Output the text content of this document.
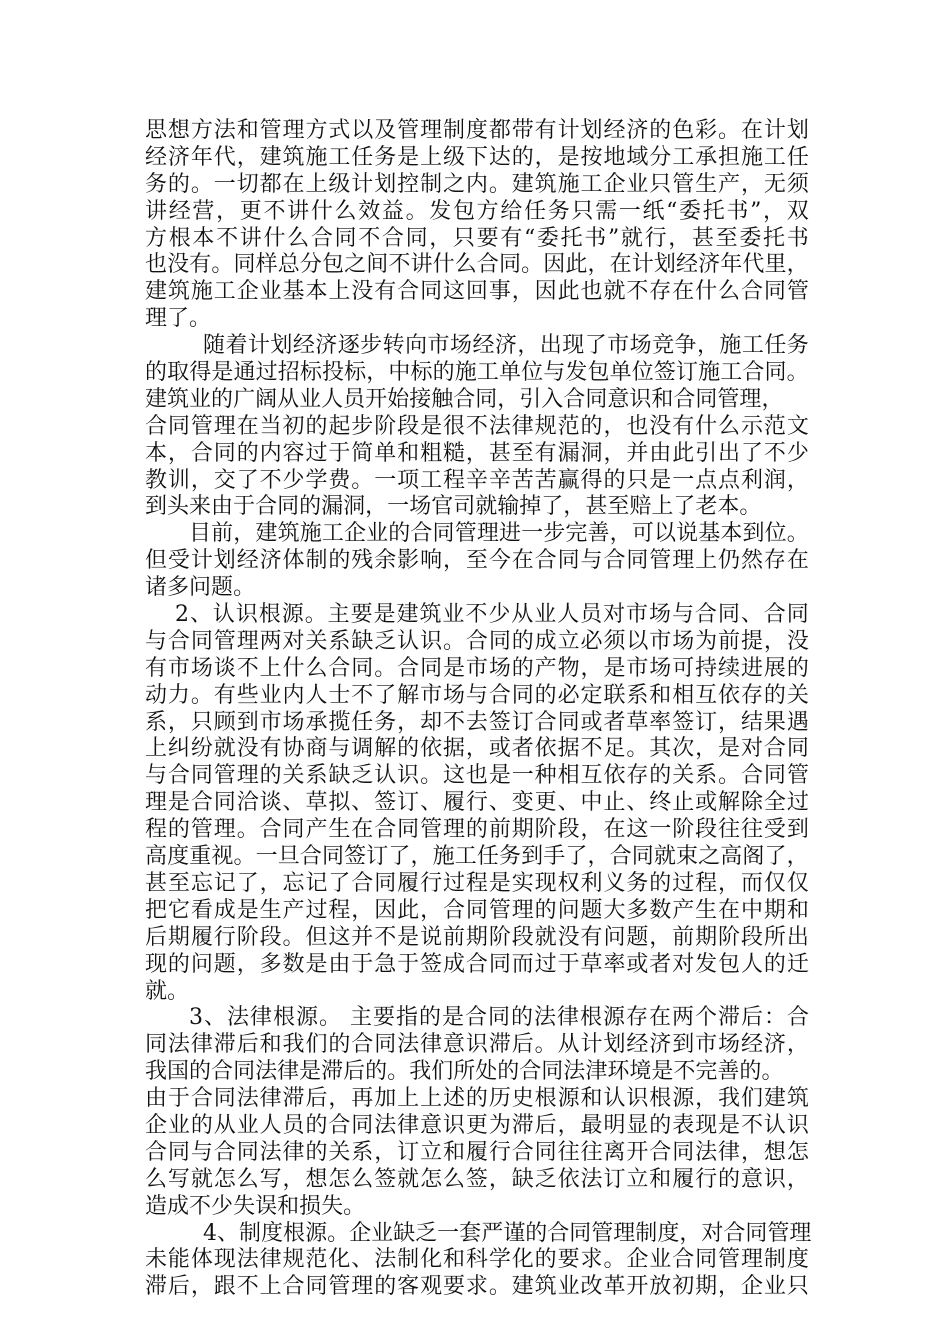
思 想 方 法 和 管 理 方 式 以 及 管 理 制 度 都 带 有 计 划 经 济 的 色 彩 。 在 计 划
经 济 年 代 ， 建 筑 施 工 任 务 是 上 级 下 达 的 ， 是 按 地 域 分 工 承 担 施 工 任
务 的 。 一 切 都 在 上 级 计 划 控 制 之 内 。 建 筑 施 工 企 业 只 管 生 产 ， 无 须
讲 经 营 ， 更 不 讲 什 么 效 益 。 发 包 方 给 任 务 只 需 一 纸 “ 委 托 书 ” ， 双
方 根 本 不 讲 什 么 合 同 不 合 同 ， 只 要 有 “ 委 托 书 ” 就 行 ， 甚 至 委 托 书
也 没 有 。 同 样 总 分 包 之 间 不 讲 什 么 合 同 。 因 此 ， 在 计 划 经 济 年 代 里 ，
建 筑 施 工 企 业 基 本 上 没 有 合 同 这 回 事 ， 因 此 也 就 不 存 在 什 么 合 同 管
理 了 。
随 着 计 划 经 济 逐 步 转 向 市 场 经 济 ， 出 现 了 市 场 竞 争 ， 施 工 任 务
的 取 得 是 通 过 招 标 投 标 ， 中 标 的 施 工 单 位 与 发 包 单 位 签 订 施 工 合 同 。
建 筑 业 的 广 阔 从 业 人 员 开 始 接 触 合 同 ， 引 入 合 同 意 识 和 合 同 管 理 ，
合 同 管 理 在 当 初 的 起 步 阶 段 是 很 不 法 律 规 范 的 ， 也 没 有 什 么 示 范 文
本 ， 合 同 的 内 容 过 于 简 单 和 粗 糙 ， 甚 至 有 漏 洞 ， 并 由 此 引 出 了 不 少
教 训 ， 交 了 不 少 学 费 。 一 项 工 程 辛 辛 苦 苦 赢 得 的 只 是 一 点 点 利 润 ，
到 头 来 由 于 合 同 的 漏 洞 ， 一 场 官 司 就 输 掉 了 ， 甚 至 赔 上 了 老 本 。
目 前 ， 建 筑 施 工 企 业 的 合 同 管 理 进 一 步 完 善 ， 可 以 说 基 本 到 位 。
但 受 计 划 经 济 体 制 的 残 余 影 响 ， 至 今 在 合 同 与 合 同 管 理 上 仍 然 存 在
诸 多 问 题 。
2 、 认 识 根 源 。 主 要 是 建 筑 业 不 少 从 业 人 员 对 市 场 与 合 同 、 合 同
与 合 同 管 理 两 对 关 系 缺 乏 认 识 。 合 同 的 成 立 必 须 以 市 场 为 前 提 ， 没
有 市 场 谈 不 上 什 么 合 同 。 合 同 是 市 场 的 产 物 ， 是 市 场 可 持 续 进 展 的
动 力 。 有 些 业 内 人 士 不 了 解 市 场 与 合 同 的 必 定 联 系 和 相 互 依 存 的 关
系 ， 只 顾 到 市 场 承 揽 任 务 ， 却 不 去 签 订 合 同 或 者 草 率 签 订 ， 结 果 遇
上 纠 纷 就 没 有 协 商 与 调 解 的 依 据 ， 或 者 依 据 不 足 。 其 次 ， 是 对 合 同
与 合 同 管 理 的 关 系 缺 乏 认 识 。 这 也 是 一 种 相 互 依 存 的 关 系 。 合 同 管
理 是 合 同 洽 谈 、 草 拟 、 签 订 、 履 行 、 变 更 、 中 止 、 终 止 或 解 除 全 过
程 的 管 理 。 合 同 产 生 在 合 同 管 理 的 前 期 阶 段 ， 在 这 一 阶 段 往 往 受 到
高 度 重 视 。 一 旦 合 同 签 订 了 ， 施 工 任 务 到 手 了 ， 合 同 就 束 之 高 阁 了 ，
甚 至 忘 记 了 ， 忘 记 了 合 同 履 行 过 程 是 实 现 权 利 义 务 的 过 程 ， 而 仅 仅
把 它 看 成 是 生 产 过 程 ， 因 此 ， 合 同 管 理 的 问 题 大 多 数 产 生 在 中 期 和
后 期 履 行 阶 段 。 但 这 并 不 是 说 前 期 阶 段 就 没 有 问 题 ， 前 期 阶 段 所 出
现 的 问 题 ， 多 数 是 由 于 急 于 签 成 合 同 而 过 于 草 率 或 者 对 发 包 人 的 迁
就 。
3 、 法 律 根 源 。
主 要 指 的 是 合 同 的 法 律 根 源 存 在 两 个 滞 后 ： 合
同 法 律 滞 后 和 我 们 的 合 同 法 律 意 识 滞 后 。 从 计 划 经 济 到 市 场 经 济 ，
我 国 的 合 同 法 律 是 滞 后 的 。 我 们 所 处 的 合 同 法 津 环 境 是 不 完 善 的 。
由 于 合 同 法 律 滞 后 ， 再 加 上 上 述 的 历 史 根 源 和 认 识 根 源 ， 我 们 建 筑
企 业 的 从 业 人 员 的 合 同 法 律 意 识 更 为 滞 后 ， 最 明 显 的 表 现 是 不 认 识
合 同 与 合 同 法 律 的 关 系 ， 订 立 和 履 行 合 同 往 往 离 开 合 同 法 律 ， 想 怎
么 写 就 怎 么 写 ， 想 怎 么 签 就 怎 么 签 ， 缺 乏 依 法 订 立 和 履 行 的 意 识 ，
造 成 不 少 失 误 和 损 失 。
4 、 制 度 根 源 。 企 业 缺 乏 一 套 严 谨 的 合 同 管 理 制 度 ， 对 合 同 管 理
未 能 体 现 法 律 规 范 化 、 法 制 化 和 科 学 化 的 要 求 。 企 业 合 同 管 理 制 度
滞 后 ， 跟 不 上 合 同 管 理 的 客 观 要 求 。 建 筑 业 改 革 开 放 初 期 ， 企 业 只
